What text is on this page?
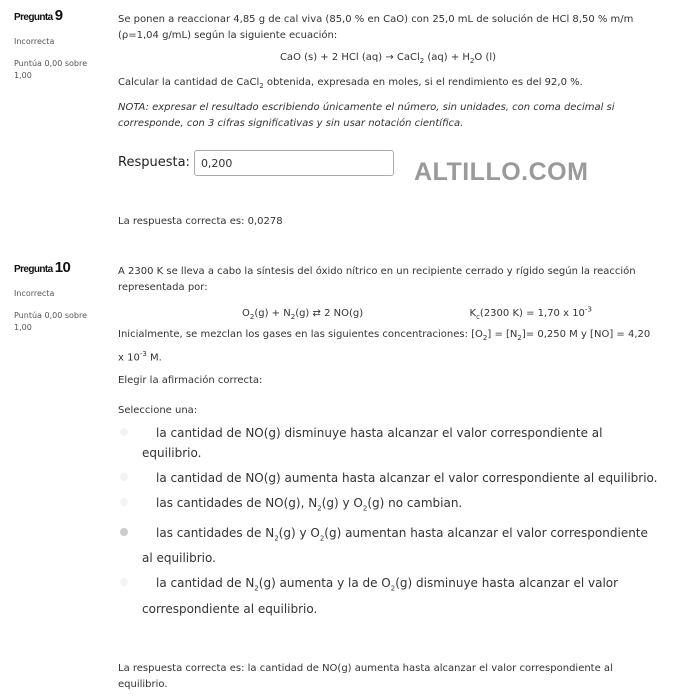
Pregunta 9
Incorrecta
Puntúa 0,00 sobre 1,00

Se ponen a reaccionar 4,85 g de cal viva (85,0 % en CaO) con 25,0 mL de solución de HCl 8,50 % m/m (ρ=1,04 g/mL) según la siguiente ecuación:

CaO (s) + 2 HCl (aq) → CaCl$_2$ $(aq) + H_2O$ (l)

Calcular la cantidad de CaCl$_2$ obtenida, expresada en moles, si el rendimiento es del 92,0 %.

NOTA: expresar el resultado escribiendo únicamente el número, sin unidades, con coma decimal si corresponde, con 3 cifras significativas y sin usar notación científica.

Respuesta:
0,200

La respuesta correcta es: 0,0278

ALTILLO.COM
Pregunta 10
Incorrecta
Puntúa 0,00 sobre 1,00

A 2300 K se lleva a cabo la síntesis del óxido nítrico en un recipiente cerrado y rígido según la reacción representada por:

$O_2(g) + N_2(g)$ ⇄ 2 NO(g)	$K_c(2300$ K) = 1,70 x $10^{-3}$

Inicialmente, se mezclan los gases en las siguientes concentraciones: $[O_2] = [N_2]= 0,250$ M y [NO] = 4,20 x $10^{-3}$ M.

Elegir la afirmación correcta:

Seleccione una:

la cantidad de NO(g) disminuye hasta alcanzar el valor correspondiente al equilibrio.
la cantidad de NO(g) aumenta hasta alcanzar el valor correspondiente al equilibrio.
las cantidades de NO(g), $N_2(g)$ y $O_2(g)$ no cambian.
las cantidades de $N_2(g)$ y $O_2(g)$ aumentan hasta alcanzar el valor correspondiente al equilibrio.
la cantidad de $N_2(g)$ aumenta y la de $O_2(g)$ disminuye hasta alcanzar el valor correspondiente al equilibrio.

La respuesta correcta es: la cantidad de NO(g) aumenta hasta alcanzar el valor correspondiente al equilibrio.
